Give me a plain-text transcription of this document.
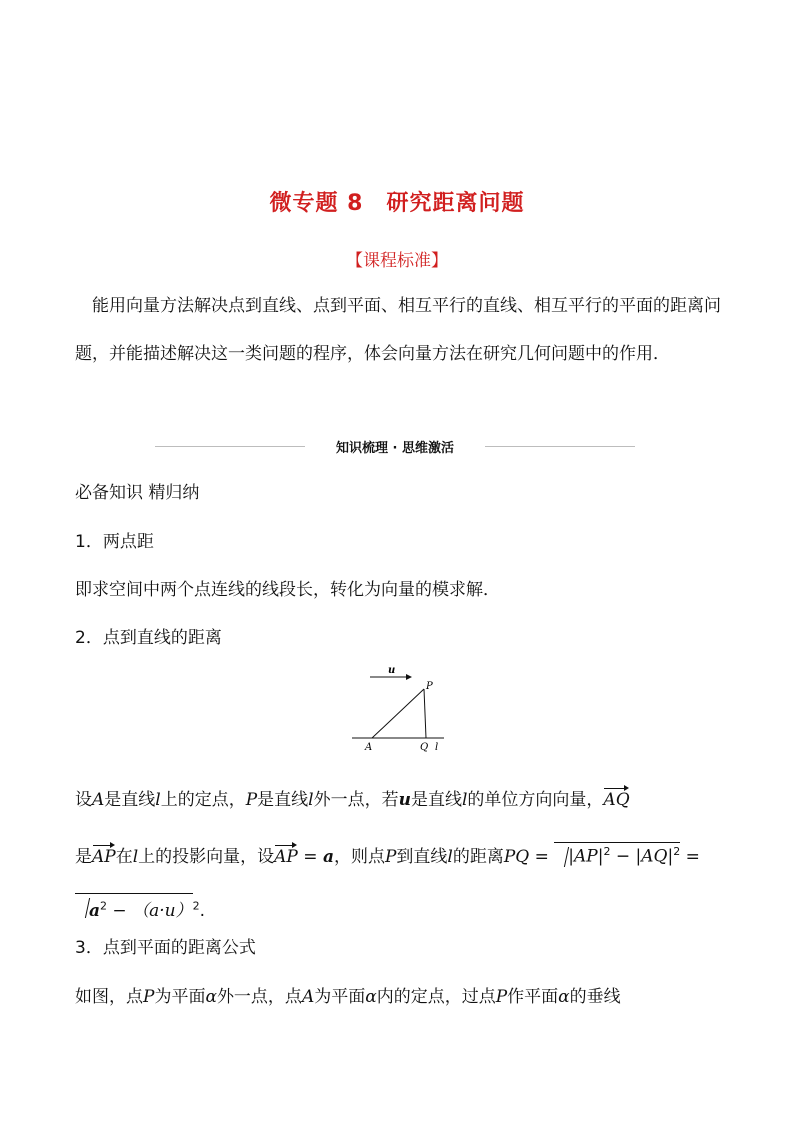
微专题 8　研究距离问题
【课程标准】
能用向量方法解决点到直线、点到平面、相互平行的直线、相互平行的平面的距离问题，并能描述解决这一类问题的程序，体会向量方法在研究几何问题中的作用．
知识梳理 · 思维激活
必备知识 精归纳
1．两点距
即求空间中两个点连线的线段长，转化为向量的模求解．
2．点到直线的距离
u
P
A	Q l
设A是直线l上的定点，P是直线l外一点，若u是直线l的单位方向向量，AQ
是AP在l上的投影向量，设AP = a，则点P到直线l的距离PQ = $|AP|^2 - |AQ|^2$ =
$a^2 - (a\cdot u)^2$.
3．点到平面的距离公式
如图，点P为平面α外一点，点A为平面α内的定点，过点P作平面α的垂线
